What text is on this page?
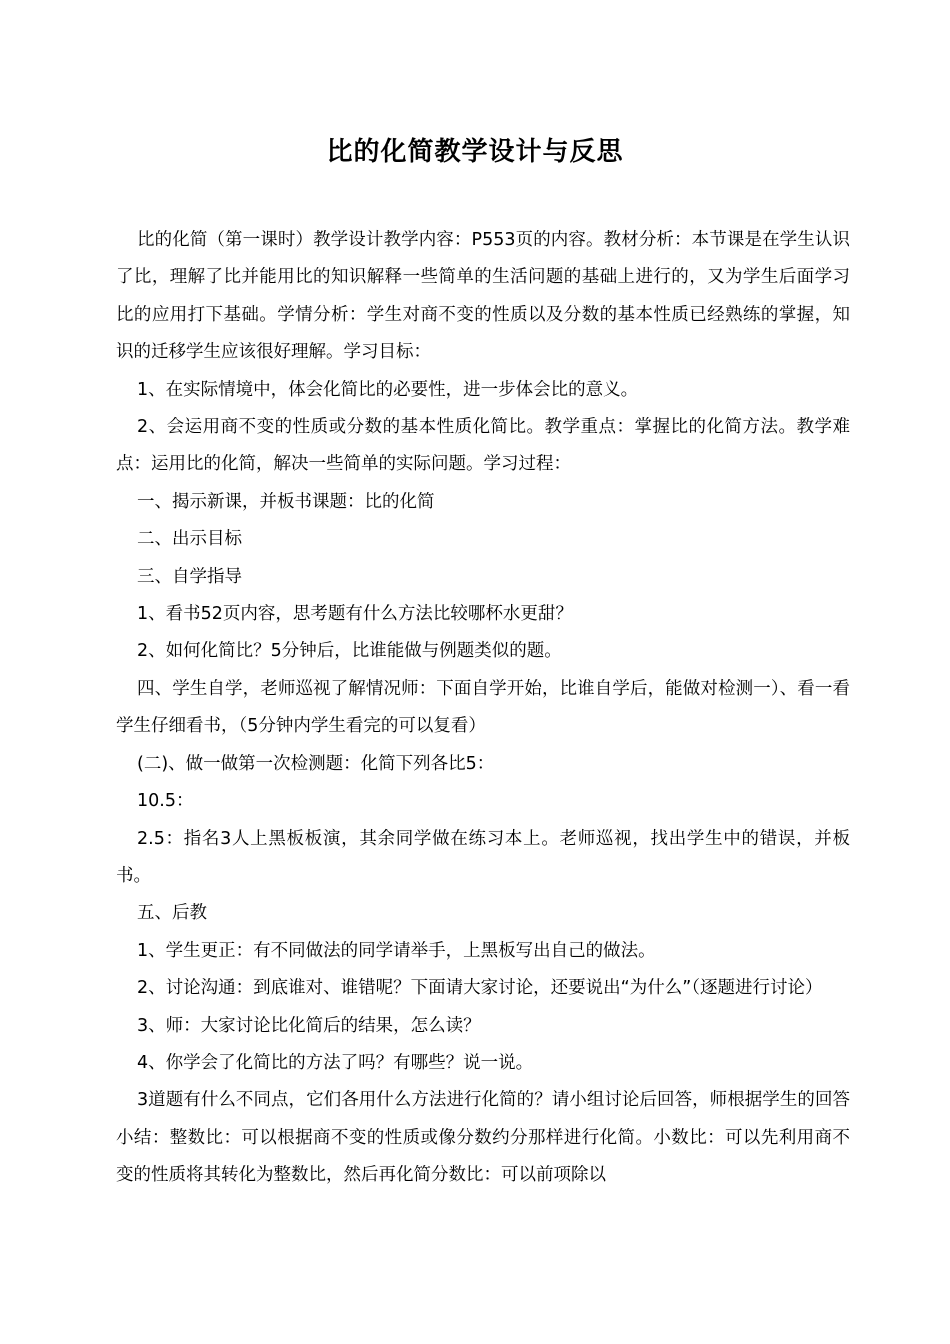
比的化简教学设计与反思

比的化简（第一课时）教学设计教学内容：P553页的内容。教材分析：本节课是在学生认识了比，理解了比并能用比的知识解释一些简单的生活问题的基础上进行的，又为学生后面学习比的应用打下基础。学情分析：学生对商不变的性质以及分数的基本性质已经熟练的掌握，知识的迁移学生应该很好理解。学习目标：

1、在实际情境中，体会化简比的必要性，进一步体会比的意义。

2、会运用商不变的性质或分数的基本性质化简比。教学重点：掌握比的化简方法。教学难点：运用比的化简，解决一些简单的实际问题。学习过程：

一、揭示新课，并板书课题：比的化简

二、出示目标

三、自学指导

1、看书52页内容，思考题有什么方法比较哪杯水更甜？

2、如何化简比？5分钟后，比谁能做与例题类似的题。

四、学生自学，老师巡视了解情况师：下面自学开始，比谁自学后，能做对检测一）、看一看学生仔细看书，（5分钟内学生看完的可以复看）

(二)、做一做第一次检测题：化简下列各比5：

10.5：

2.5：指名3人上黑板板演，其余同学做在练习本上。老师巡视，找出学生中的错误，并板书。

五、后教

1、学生更正：有不同做法的同学请举手，上黑板写出自己的做法。

2、讨论沟通：到底谁对、谁错呢？下面请大家讨论，还要说出“为什么”（逐题进行讨论）

3、师：大家讨论比化简后的结果，怎么读？

4、你学会了化简比的方法了吗？有哪些？说一说。

3道题有什么不同点，它们各用什么方法进行化简的？请小组讨论后回答，师根据学生的回答小结：整数比：可以根据商不变的性质或像分数约分那样进行化简。小数比：可以先利用商不变的性质将其转化为整数比，然后再化简分数比：可以前项除以
